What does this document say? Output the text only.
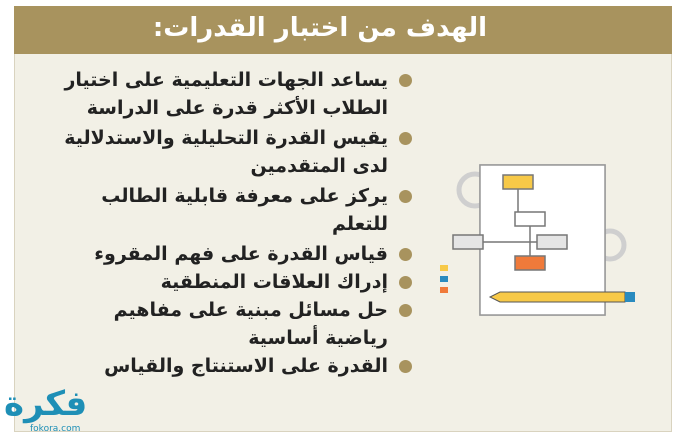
الهدف من اختبار القدرات:
يساعد الجهات التعليمية على اختيار
الطلاب الأكثر قدرة على الدراسة
يقيس القدرة التحليلية والاستدلالية
لدى المتقدمين
يركز على معرفة قابلية الطالب
للتعلم
قياس القدرة على فهم المقروء
إدراك العلاقات المنطقية
حل مسائل مبنية على مفاهيم
رياضية أساسية
القدرة على الاستنتاج والقياس
فكرة
fokora.com
